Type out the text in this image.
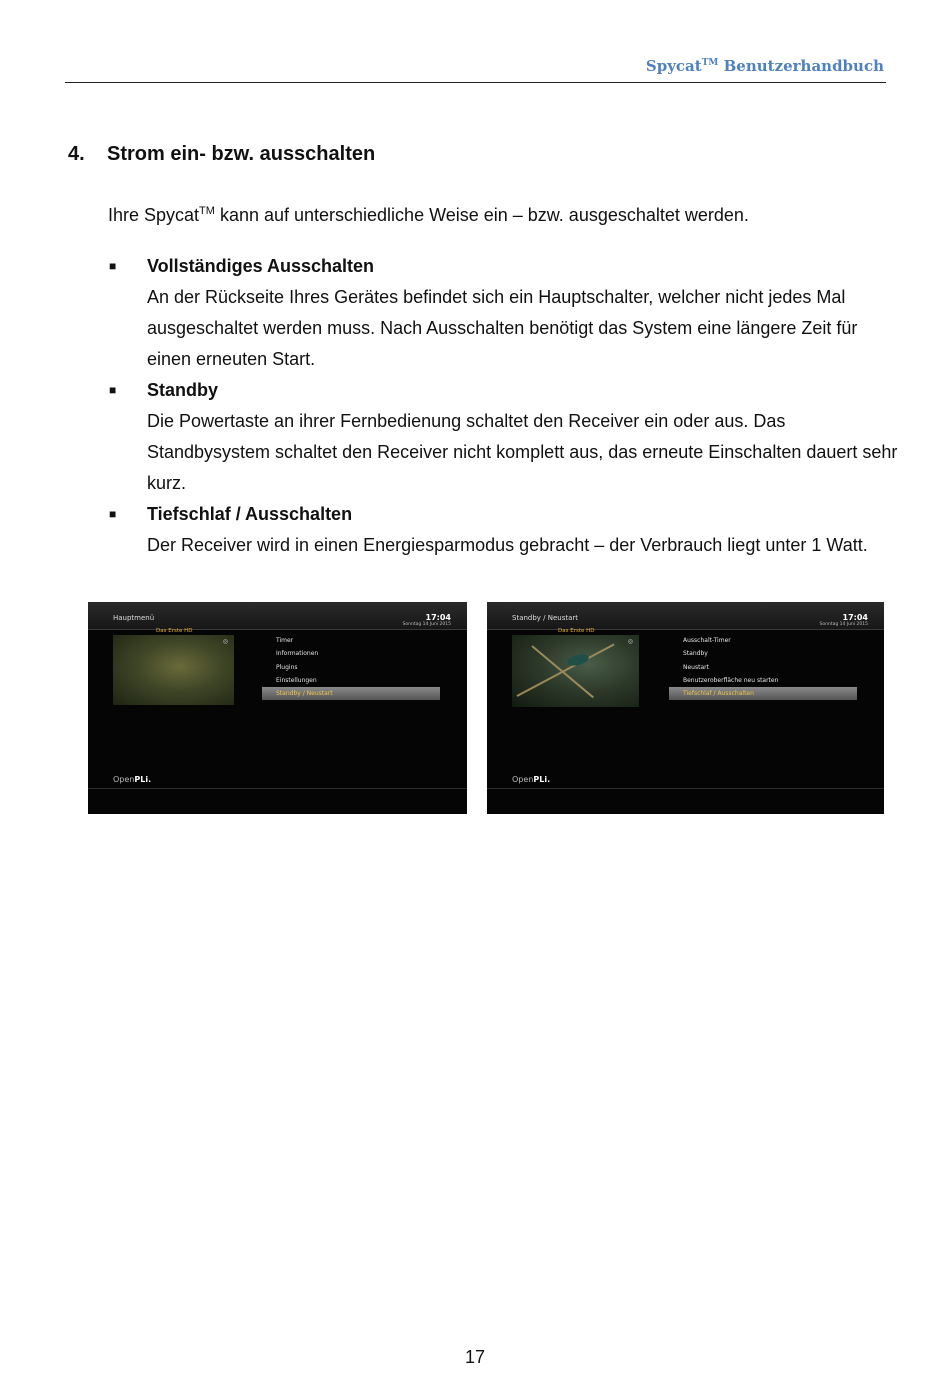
Spycat™ Benutzerhandbuch
4. Strom ein- bzw. ausschalten
Ihre Spycat™ kann auf unterschiedliche Weise ein – bzw. ausgeschaltet werden.
■ Vollständiges Ausschalten
An der Rückseite Ihres Gerätes befindet sich ein Hauptschalter, welcher nicht jedes Mal ausgeschaltet werden muss. Nach Ausschalten benötigt das System eine längere Zeit für einen erneuten Start.
■ Standby
Die Powertaste an ihrer Fernbedienung schaltet den Receiver ein oder aus. Das Standbysystem schaltet den Receiver nicht komplett aus, das erneute Einschalten dauert sehr kurz.
■ Tiefschlaf / Ausschalten
Der Receiver wird in einen Energiesparmodus gebracht – der Verbrauch liegt unter 1 Watt.
Hauptmenü	17:04
Sonntag 14 Juni 2015
Das Erste HD
◎	Timer
Informationen
Plugins
Einstellungen
Standby / Neustart
OpenPLi.
Standby / Neustart	17:04
Sonntag 14 Juni 2015
Das Erste HD
◎	Ausschalt-Timer
Standby
Neustart
Benutzeroberfläche neu starten
Tiefschlaf / Ausschalten
OpenPLi.
17
